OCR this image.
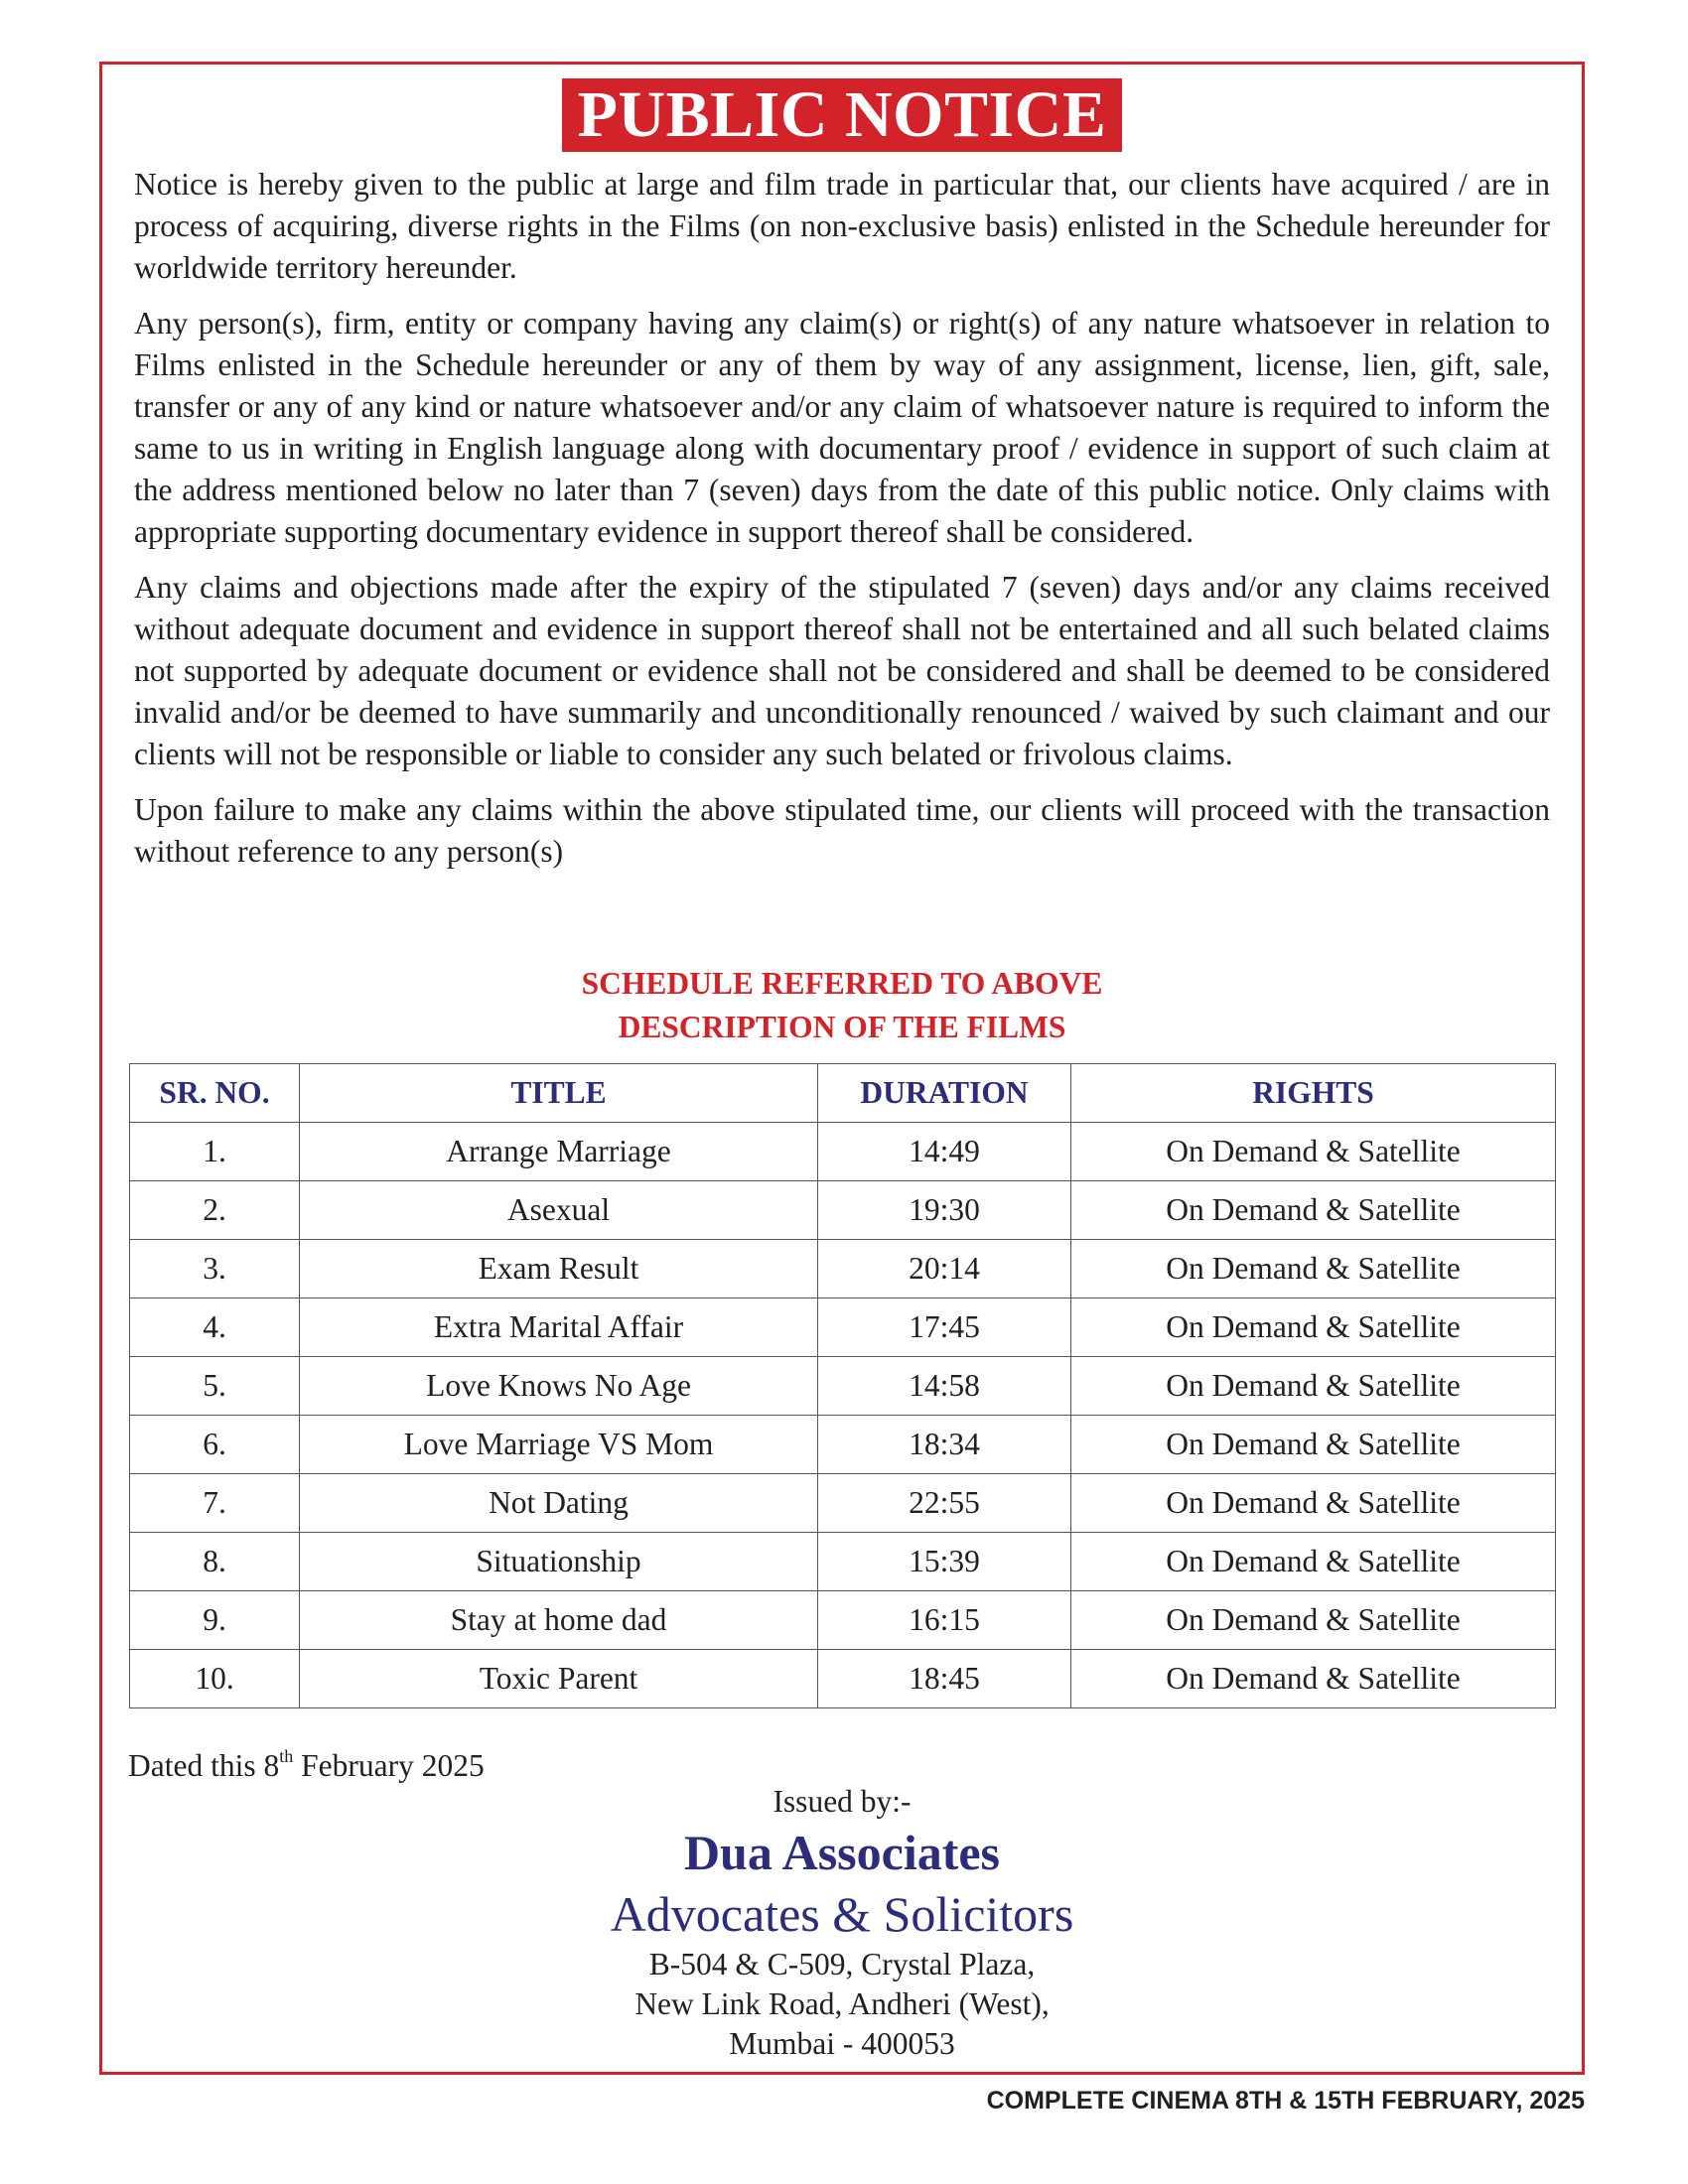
PUBLIC NOTICE

Notice is hereby given to the public at large and film trade in particular that, our clients have acquired / are in process of acquiring, diverse rights in the Films (on non-exclusive basis) enlisted in the Schedule hereunder for worldwide territory hereunder.

Any person(s), firm, entity or company having any claim(s) or right(s) of any nature whatsoever in relation to Films enlisted in the Schedule hereunder or any of them by way of any assignment, license, lien, gift, sale, transfer or any of any kind or nature whatsoever and/or any claim of whatsoever nature is required to inform the same to us in writing in English language along with documentary proof / evidence in support of such claim at the address mentioned below no later than 7 (seven) days from the date of this public notice. Only claims with appropriate supporting documentary evidence in support thereof shall be considered.

Any claims and objections made after the expiry of the stipulated 7 (seven) days and/or any claims received without adequate document and evidence in support thereof shall not be entertained and all such belated claims not supported by adequate document or evidence shall not be considered and shall be deemed to be considered invalid and/or be deemed to have summarily and unconditionally renounced / waived by such claimant and our clients will not be responsible or liable to consider any such belated or frivolous claims.

Upon failure to make any claims within the above stipulated time, our clients will proceed with the transaction without reference to any person(s)

SCHEDULE REFERRED TO ABOVE
DESCRIPTION OF THE FILMS
SR. NO.	TITLE	DURATION	RIGHTS
1.	Arrange Marriage	14:49	On Demand & Satellite
2.	Asexual	19:30	On Demand & Satellite
3.	Exam Result	20:14	On Demand & Satellite
4.	Extra Marital Affair	17:45	On Demand & Satellite
5.	Love Knows No Age	14:58	On Demand & Satellite
6.	Love Marriage VS Mom	18:34	On Demand & Satellite
7.	Not Dating	22:55	On Demand & Satellite
8.	Situationship	15:39	On Demand & Satellite
9.	Stay at home dad	16:15	On Demand & Satellite
10.	Toxic Parent	18:45	On Demand & Satellite
Dated this 8th February 2025
Issued by:-
Dua Associates
Advocates & Solicitors
B-504 & C-509, Crystal Plaza,
New Link Road, Andheri (West),
Mumbai - 400053
COMPLETE CINEMA 8TH & 15TH FEBRUARY, 2025
